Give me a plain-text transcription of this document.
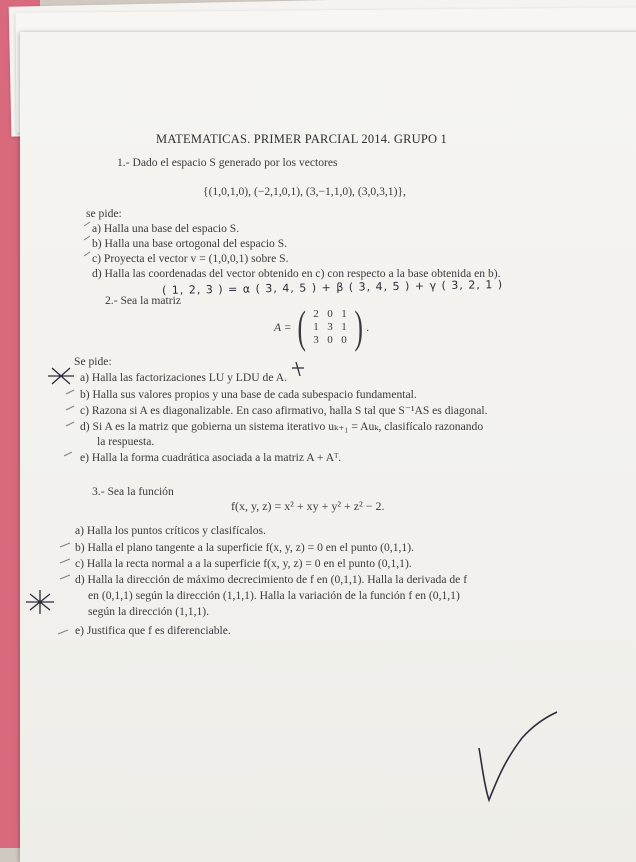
MATEMATICAS. PRIMER PARCIAL 2014. GRUPO 1
1.- Dado el espacio S generado por los vectores
{(1,0,1,0), (−2,1,0,1), (3,−1,1,0), (3,0,3,1)},
se pide:
a) Halla una base del espacio S.
b) Halla una base ortogonal del espacio S.
c) Proyecta el vector v = (1,0,0,1) sobre S.
d) Halla las coordenadas del vector obtenido en c) con respecto a la base obtenida en b).
( 1, 2, 3 ) = α ( 3, 4, 5 ) + β ( 3, 4, 5 ) + γ ( 3, 2, 1 )
2.- Sea la matriz
A = ( 2 0 1
1 3 1
3 0 0 ) .
Se pide:
a) Halla las factorizaciones LU y LDU de A.
b) Halla sus valores propios y una base de cada subespacio fundamental.
c) Razona si A es diagonalizable. En caso afirmativo, halla S tal que S⁻¹AS es diagonal.
d) Si A es la matriz que gobierna un sistema iterativo uₖ₊₁ = Auₖ, clasifícalo razonando
la respuesta.
e) Halla la forma cuadrática asociada a la matriz A + Aᵀ.
3.- Sea la función
f(x, y, z) = x² + xy + y² + z² − 2.
a) Halla los puntos críticos y clasifícalos.
b) Halla el plano tangente a la superficie f(x, y, z) = 0 en el punto (0,1,1).
c) Halla la recta normal a a la superficie f(x, y, z) = 0 en el punto (0,1,1).
d) Halla la dirección de máximo decrecimiento de f en (0,1,1). Halla la derivada de f
en (0,1,1) según la dirección (1,1,1). Halla la variación de la función f en (0,1,1)
según la dirección (1,1,1).
e) Justifica que f es diferenciable.
